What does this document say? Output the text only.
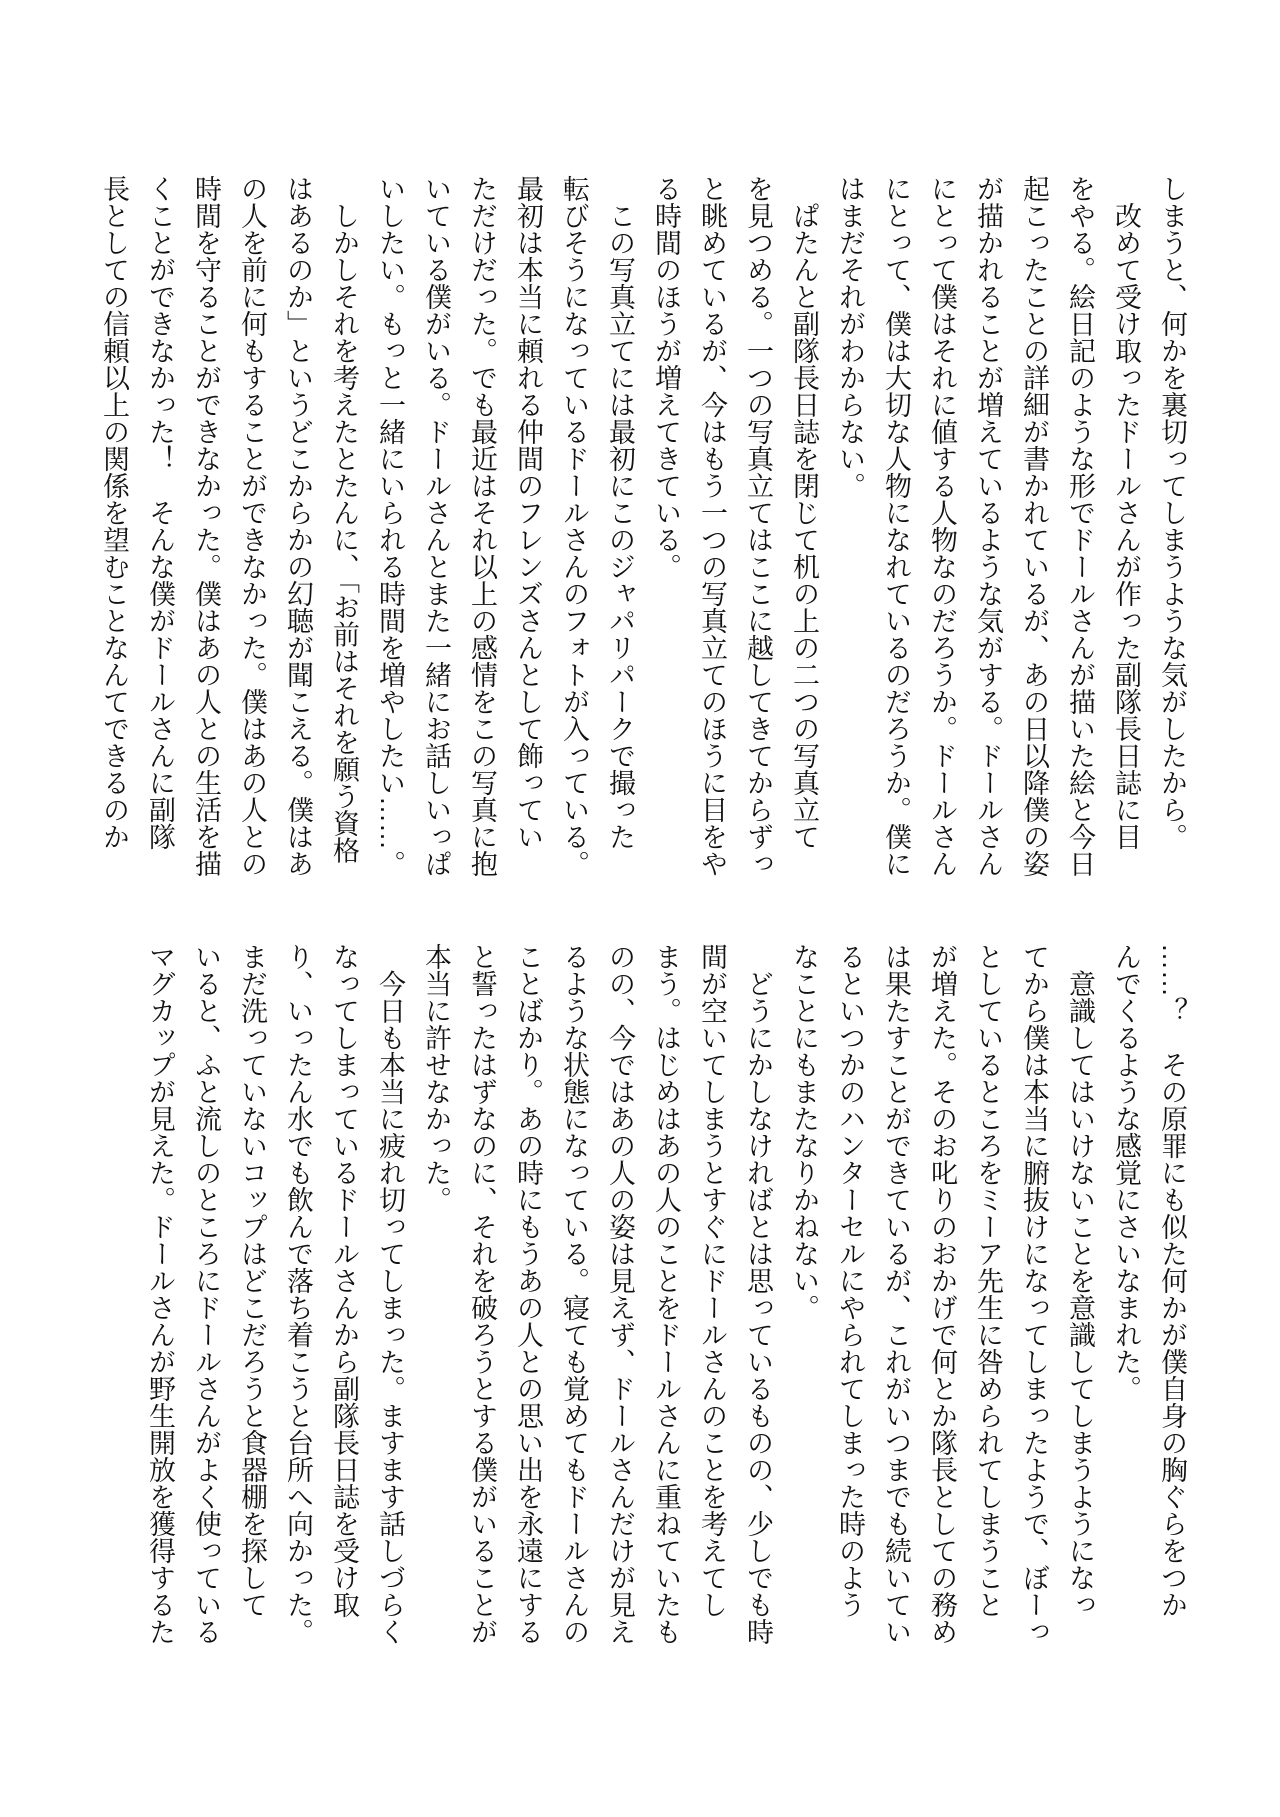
しまうと、何かを裏切ってしまうような気がしたから。

　改めて受け取ったドールさんが作った副隊長日誌に目

をやる。絵日記のような形でドールさんが描いた絵と今日

起こったことの詳細が書かれているが、あの日以降僕の姿

が描かれることが増えているような気がする。ドールさん

にとって僕はそれに値する人物なのだろうか。ドールさん

にとって、僕は大切な人物になれているのだろうか。僕に

はまだそれがわからない。

　ぱたんと副隊長日誌を閉じて机の上の二つの写真立て

を見つめる。一つの写真立てはここに越してきてからずっ

と眺めているが、今はもう一つの写真立てのほうに目をや

る時間のほうが増えてきている。

　この写真立てには最初にこのジャパリパークで撮った

転びそうになっているドールさんのフォトが入っている。

最初は本当に頼れる仲間のフレンズさんとして飾ってい

ただけだった。でも最近はそれ以上の感情をこの写真に抱

いている僕がいる。ドールさんとまた一緒にお話しいっぱ

いしたい。もっと一緒にいられる時間を増やしたい……。

　しかしそれを考えたとたんに、「お前はそれを願う資格

はあるのか」というどこからかの幻聴が聞こえる。僕はあ

の人を前に何もすることができなかった。僕はあの人との

時間を守ることができなかった。僕はあの人との生活を描

くことができなかった！　そんな僕がドールさんに副隊

長としての信頼以上の関係を望むことなんてできるのか

……？　その原罪にも似た何かが僕自身の胸ぐらをつか

んでくるような感覚にさいなまれた。

　意識してはいけないことを意識してしまうようになっ

てから僕は本当に腑抜けになってしまったようで、ぼーっ

としているところをミーア先生に咎められてしまうこと

が増えた。そのお叱りのおかげで何とか隊長としての務め

は果たすことができているが、これがいつまでも続いてい

るといつかのハンターセルにやられてしまった時のよう

なことにもまたなりかねない。

　どうにかしなければとは思っているものの、少しでも時

間が空いてしまうとすぐにドールさんのことを考えてし

まう。はじめはあの人のことをドールさんに重ねていたも

のの、今ではあの人の姿は見えず、ドールさんだけが見え

るような状態になっている。寝ても覚めてもドールさんの

ことばかり。あの時にもうあの人との思い出を永遠にする

と誓ったはずなのに、それを破ろうとする僕がいることが

本当に許せなかった。

　今日も本当に疲れ切ってしまった。ますます話しづらく

なってしまっているドールさんから副隊長日誌を受け取

り、いったん水でも飲んで落ち着こうと台所へ向かった。

まだ洗っていないコップはどこだろうと食器棚を探して

いると、ふと流しのところにドールさんがよく使っている

マグカップが見えた。ドールさんが野生開放を獲得するた
